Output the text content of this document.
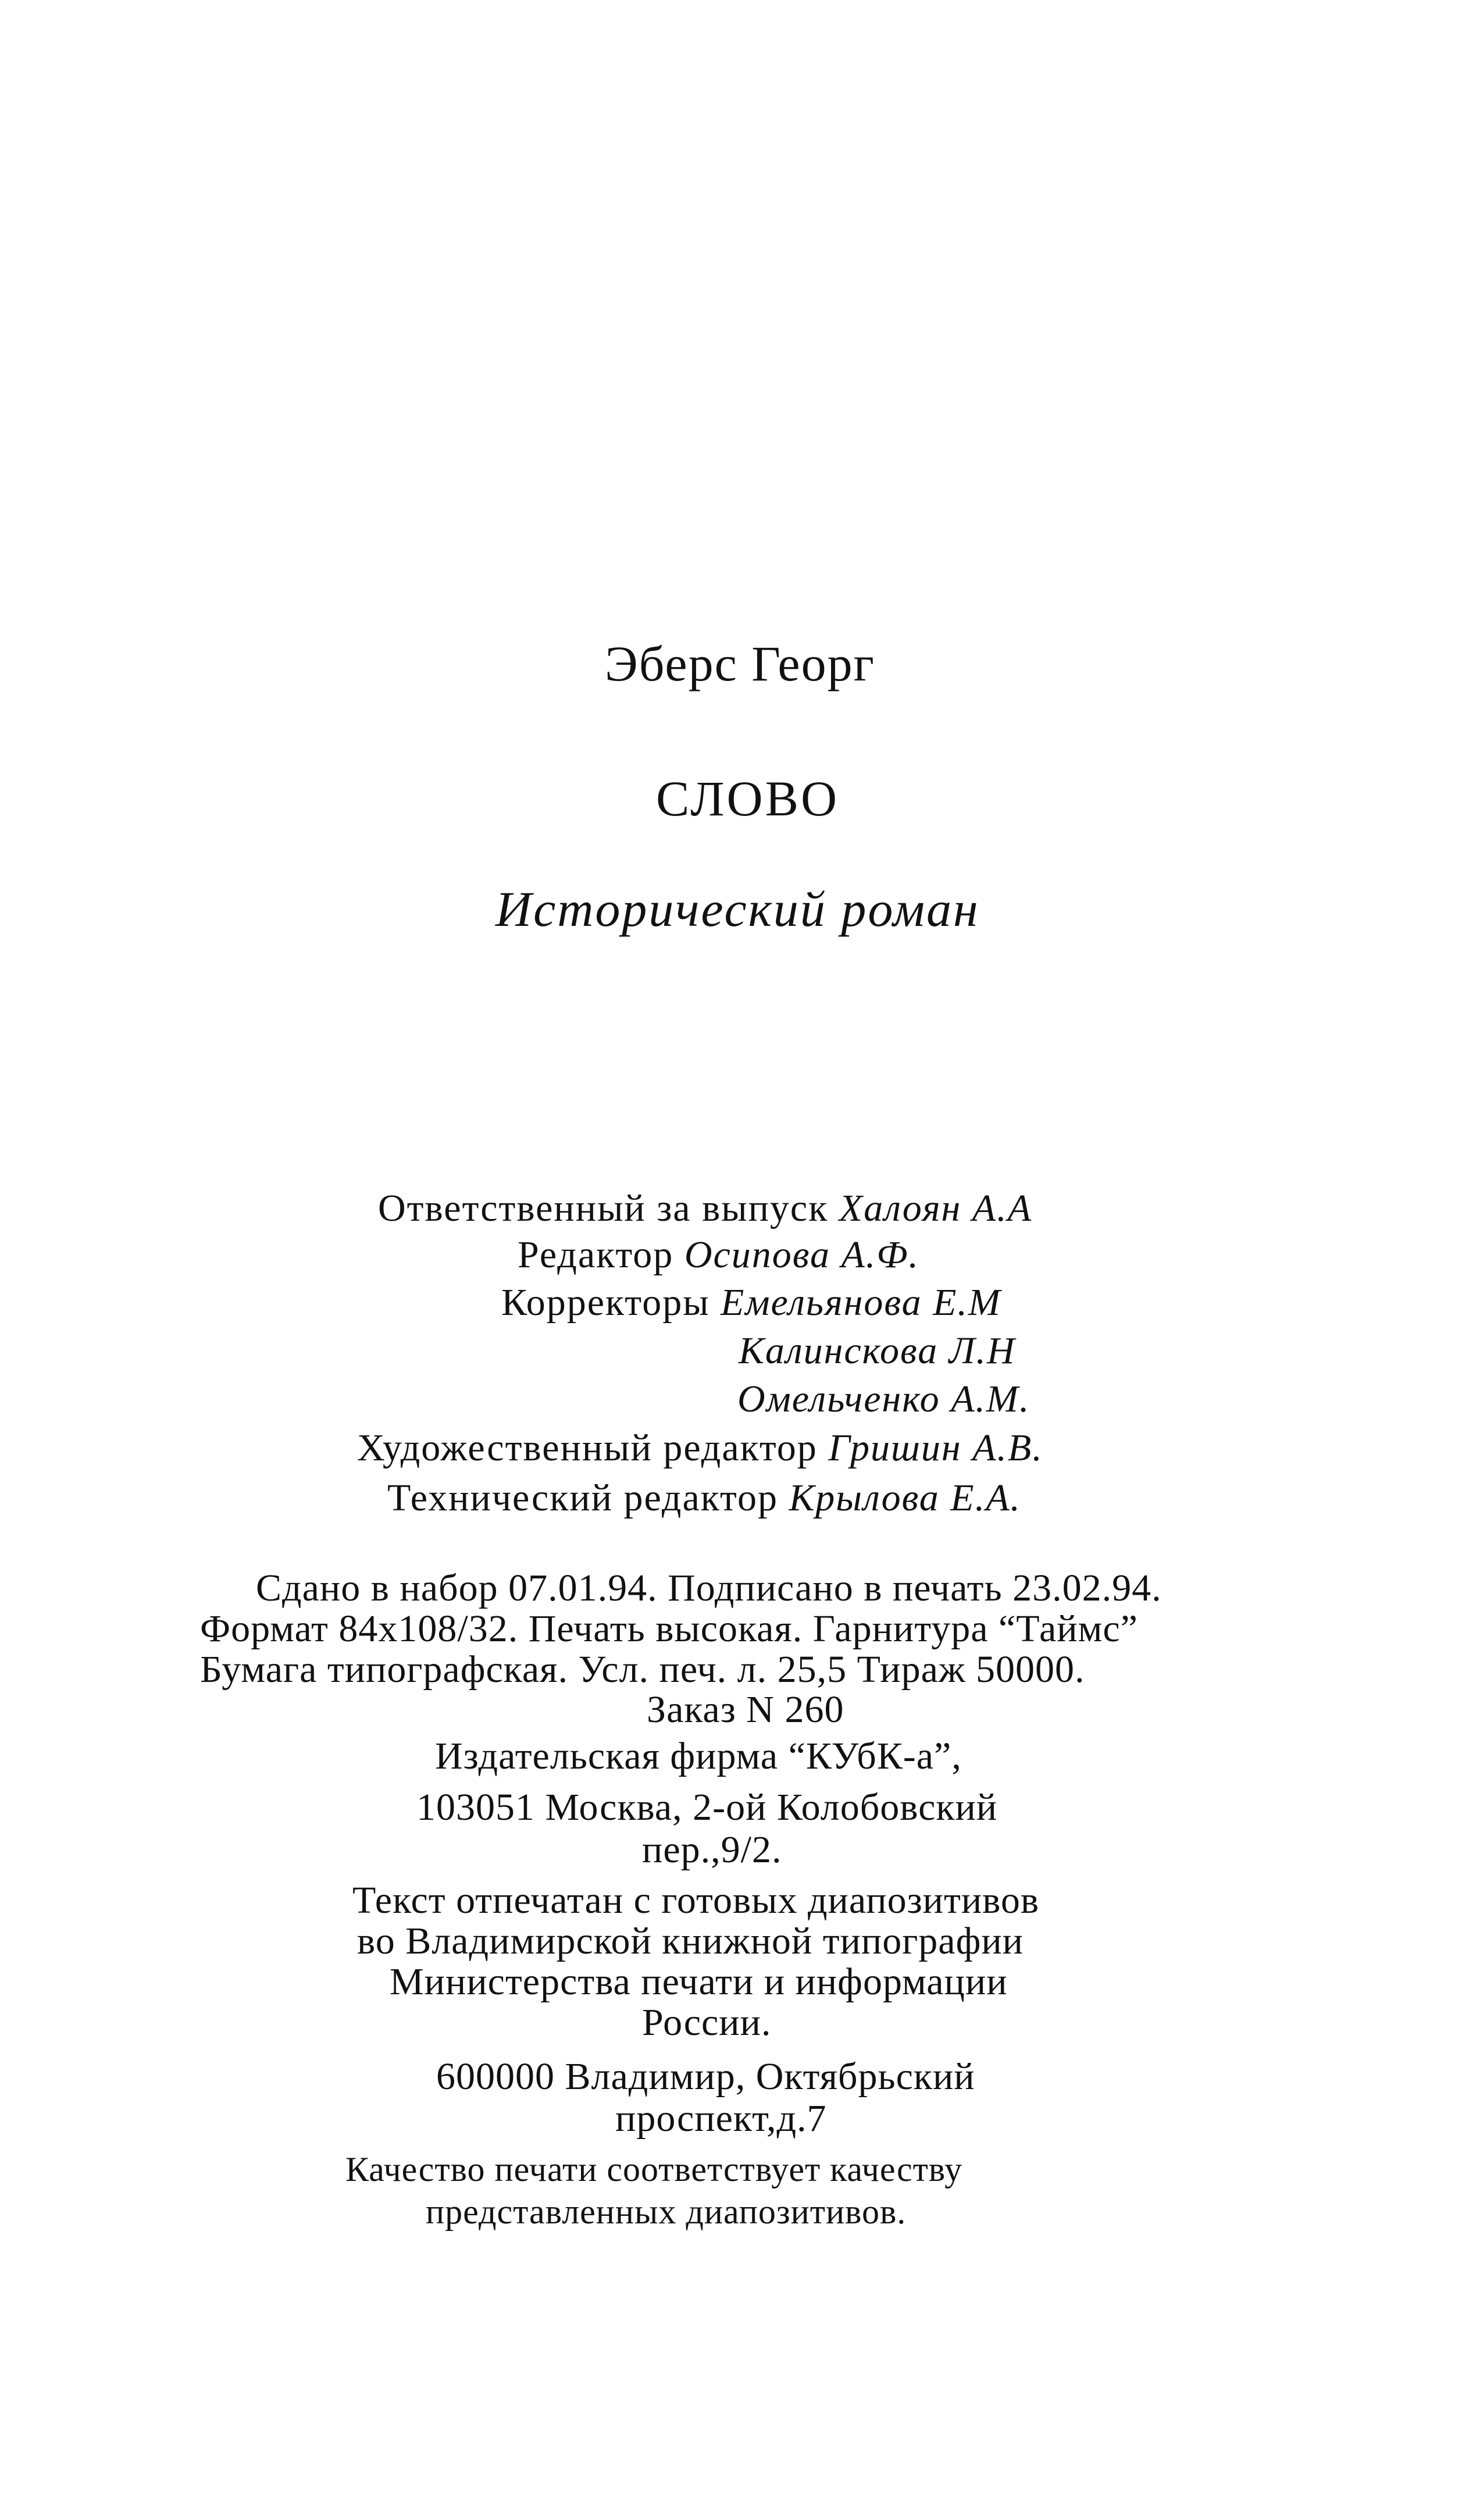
Эберс Георг
СЛОВО
Исторический роман
Ответственный за выпуск Халоян А.А
Редактор Осипова А.Ф.
Корректоры Емельянова Е.М
Калинскова Л.Н
Омельченко А.М.
Художественный редактор Гришин А.В.
Технический редактор Крылова Е.А.
Сдано в набор 07.01.94. Подписано в печать 23.02.94.
Формат 84х108/32. Печать высокая. Гарнитура “Таймс”
Бумага типографская. Усл. печ. л. 25,5 Тираж 50000.
Заказ N 260
Издательская фирма “КУбК-а”,
103051 Москва, 2-ой Колобовский
пер.,9/2.
Текст отпечатан с готовых диапозитивов
во Владимирской книжной типографии
Министерства печати и информации
России.
600000 Владимир, Октябрьский
проспект,д.7
Качество печати соответствует качеству
представленных диапозитивов.
